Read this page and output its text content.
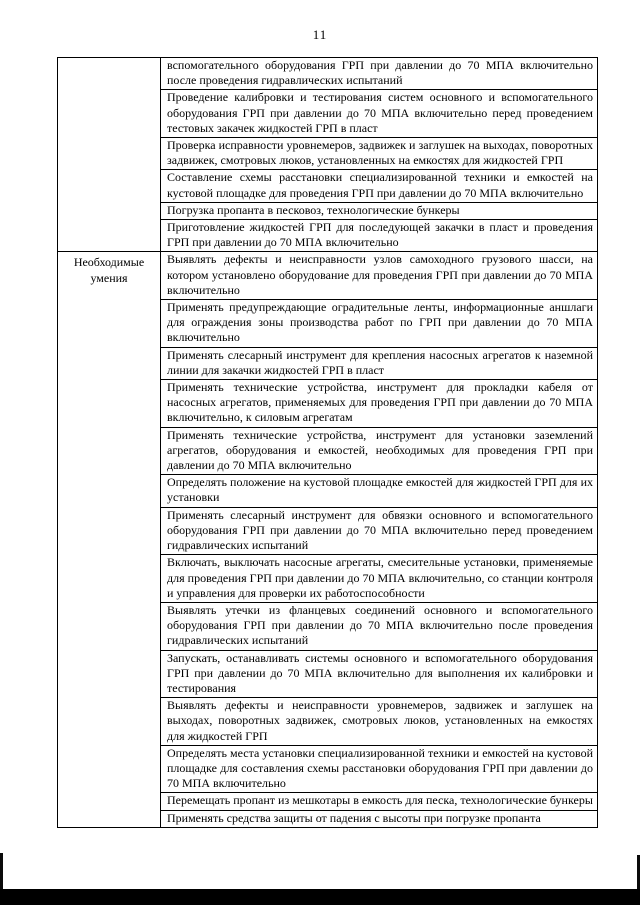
11
	вспомогательного оборудования ГРП при давлении до 70 МПА включительно после проведения гидравлических испытаний
	Проведение калибровки и тестирования систем основного и вспомогательного оборудования ГРП при давлении до 70 МПА включительно перед проведением тестовых закачек жидкостей ГРП в пласт
	Проверка исправности уровнемеров, задвижек и заглушек на выходах, поворотных задвижек, смотровых люков, установленных на емкостях для жидкостей ГРП
	Составление схемы расстановки специализированной техники и емкостей на кустовой площадке для проведения ГРП при давлении до 70 МПА включительно
	Погрузка пропанта в песковоз, технологические бункеры
	Приготовление жидкостей ГРП для последующей закачки в пласт и проведения ГРП при давлении до 70 МПА включительно
Необходимые умения	Выявлять дефекты и неисправности узлов самоходного грузового шасси, на котором установлено оборудование для проведения ГРП при давлении до 70 МПА включительно
	Применять предупреждающие оградительные ленты, информационные аншлаги для ограждения зоны производства работ по ГРП при давлении до 70 МПА включительно
	Применять слесарный инструмент для крепления насосных агрегатов к наземной линии для закачки жидкостей ГРП в пласт
	Применять технические устройства, инструмент для прокладки кабеля от насосных агрегатов, применяемых для проведения ГРП при давлении до 70 МПА включительно, к силовым агрегатам
	Применять технические устройства, инструмент для установки заземлений агрегатов, оборудования и емкостей, необходимых для проведения ГРП при давлении до 70 МПА включительно
	Определять положение на кустовой площадке емкостей для жидкостей ГРП для их установки
	Применять слесарный инструмент для обвязки основного и вспомогательного оборудования ГРП при давлении до 70 МПА включительно перед проведением гидравлических испытаний
	Включать, выключать насосные агрегаты, смесительные установки, применяемые для проведения ГРП при давлении до 70 МПА включительно, со станции контроля и управления для проверки их работоспособности
	Выявлять утечки из фланцевых соединений основного и вспомогательного оборудования ГРП при давлении до 70 МПА включительно после проведения гидравлических испытаний
	Запускать, останавливать системы основного и вспомогательного оборудования ГРП при давлении до 70 МПА включительно для выполнения их калибровки и тестирования
	Выявлять дефекты и неисправности уровнемеров, задвижек и заглушек на выходах, поворотных задвижек, смотровых люков, установленных на емкостях для жидкостей ГРП
	Определять места установки специализированной техники и емкостей на кустовой площадке для составления схемы расстановки оборудования ГРП при давлении до 70 МПА включительно
	Перемещать пропант из мешкотары в емкость для песка, технологические бункеры
	Применять средства защиты от падения с высоты при погрузке пропанта
